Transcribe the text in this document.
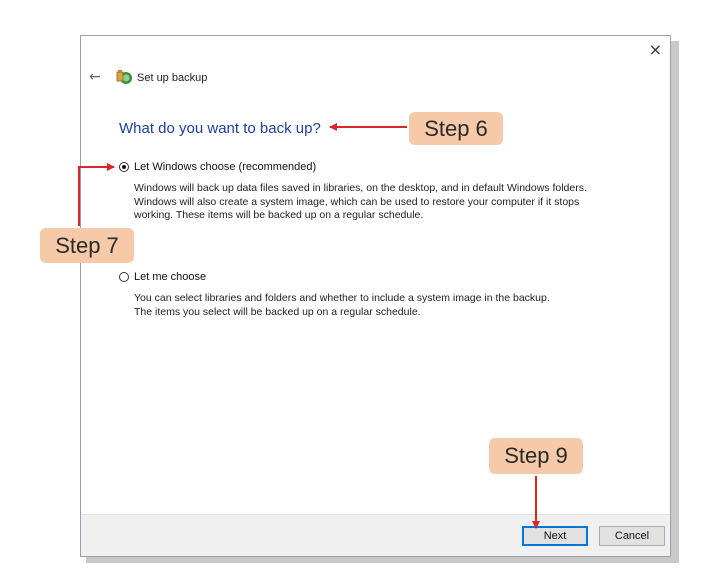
×
←	Set up backup
What do you want to back up?
Let Windows choose (recommended)
Windows will back up data files saved in libraries, on the desktop, and in default Windows folders.
Windows will also create a system image, which can be used to restore your computer if it stops
working. These items will be backed up on a regular schedule.
Let me choose
You can select libraries and folders and whether to include a system image in the backup.
The items you select will be backed up on a regular schedule.
Next	Cancel
Step 6
Step 7
Step 9
